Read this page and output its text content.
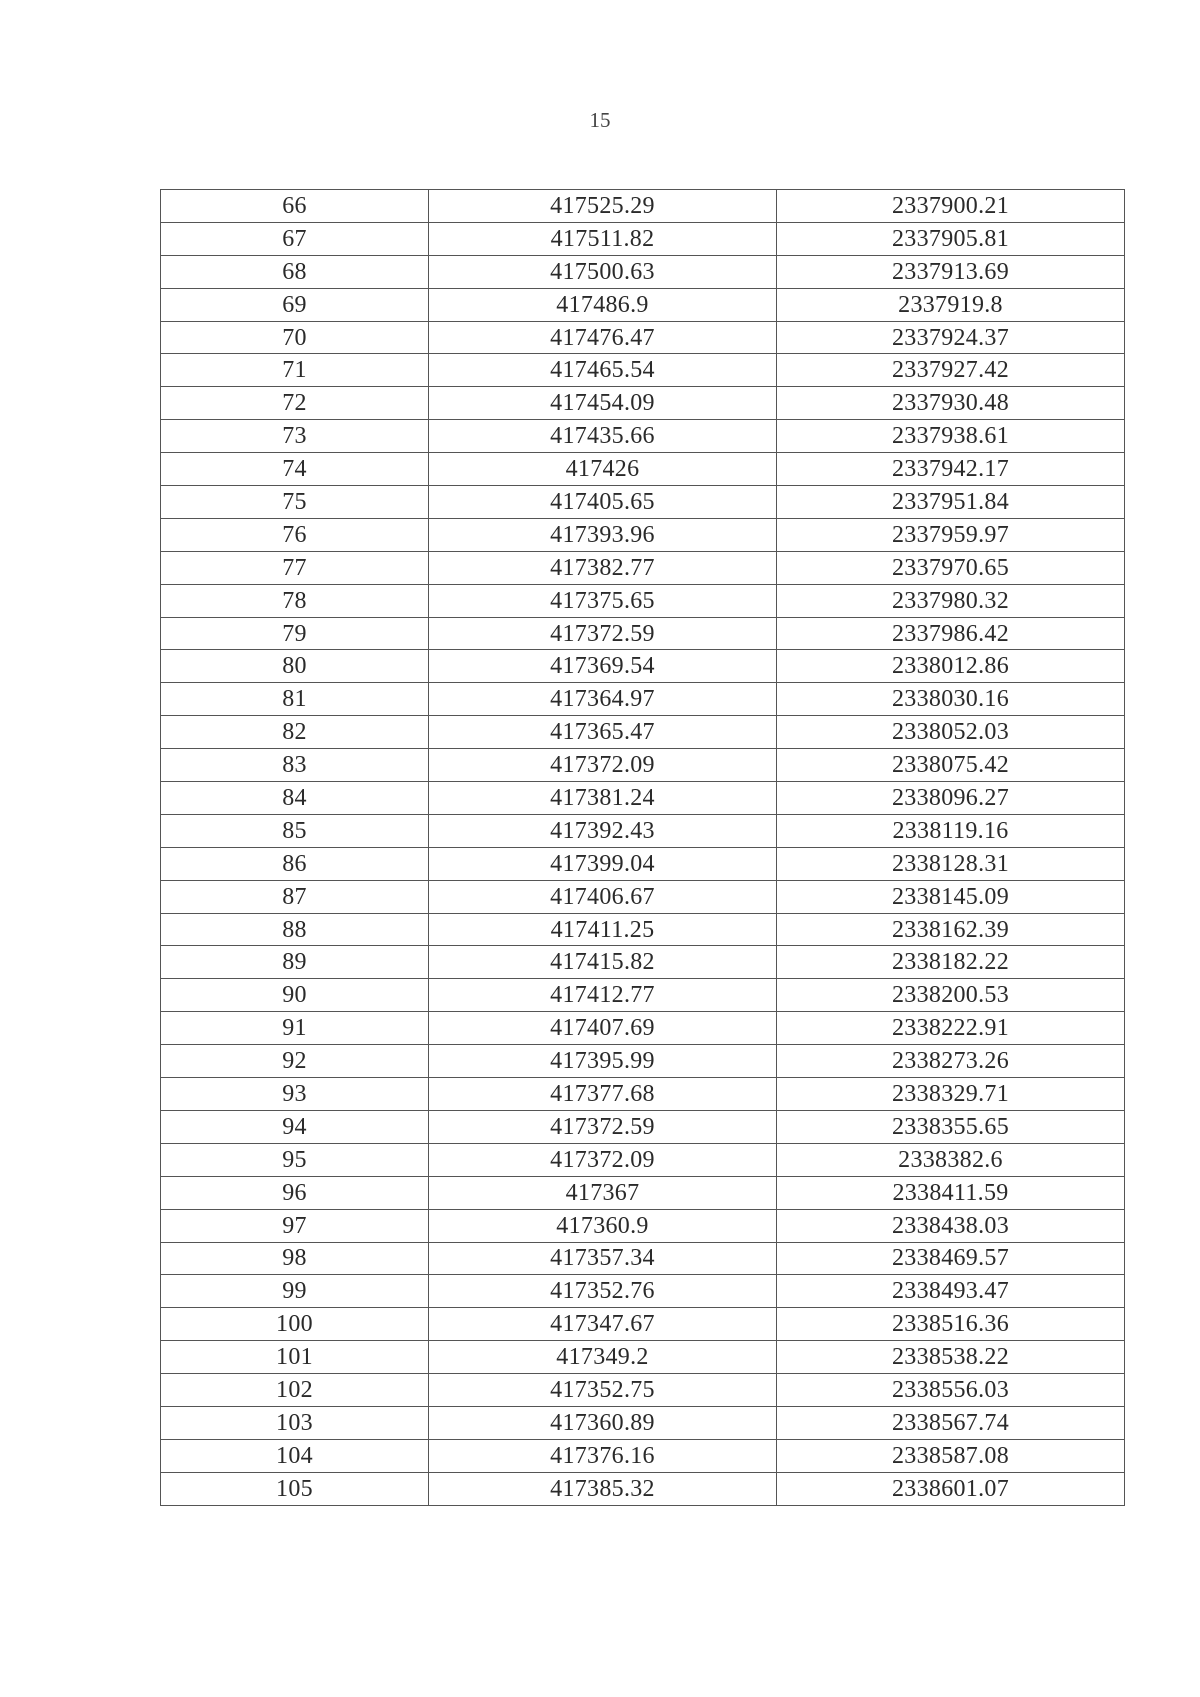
15
66	417525.29	2337900.21
67	417511.82	2337905.81
68	417500.63	2337913.69
69	417486.9	2337919.8
70	417476.47	2337924.37
71	417465.54	2337927.42
72	417454.09	2337930.48
73	417435.66	2337938.61
74	417426	2337942.17
75	417405.65	2337951.84
76	417393.96	2337959.97
77	417382.77	2337970.65
78	417375.65	2337980.32
79	417372.59	2337986.42
80	417369.54	2338012.86
81	417364.97	2338030.16
82	417365.47	2338052.03
83	417372.09	2338075.42
84	417381.24	2338096.27
85	417392.43	2338119.16
86	417399.04	2338128.31
87	417406.67	2338145.09
88	417411.25	2338162.39
89	417415.82	2338182.22
90	417412.77	2338200.53
91	417407.69	2338222.91
92	417395.99	2338273.26
93	417377.68	2338329.71
94	417372.59	2338355.65
95	417372.09	2338382.6
96	417367	2338411.59
97	417360.9	2338438.03
98	417357.34	2338469.57
99	417352.76	2338493.47
100	417347.67	2338516.36
101	417349.2	2338538.22
102	417352.75	2338556.03
103	417360.89	2338567.74
104	417376.16	2338587.08
105	417385.32	2338601.07
